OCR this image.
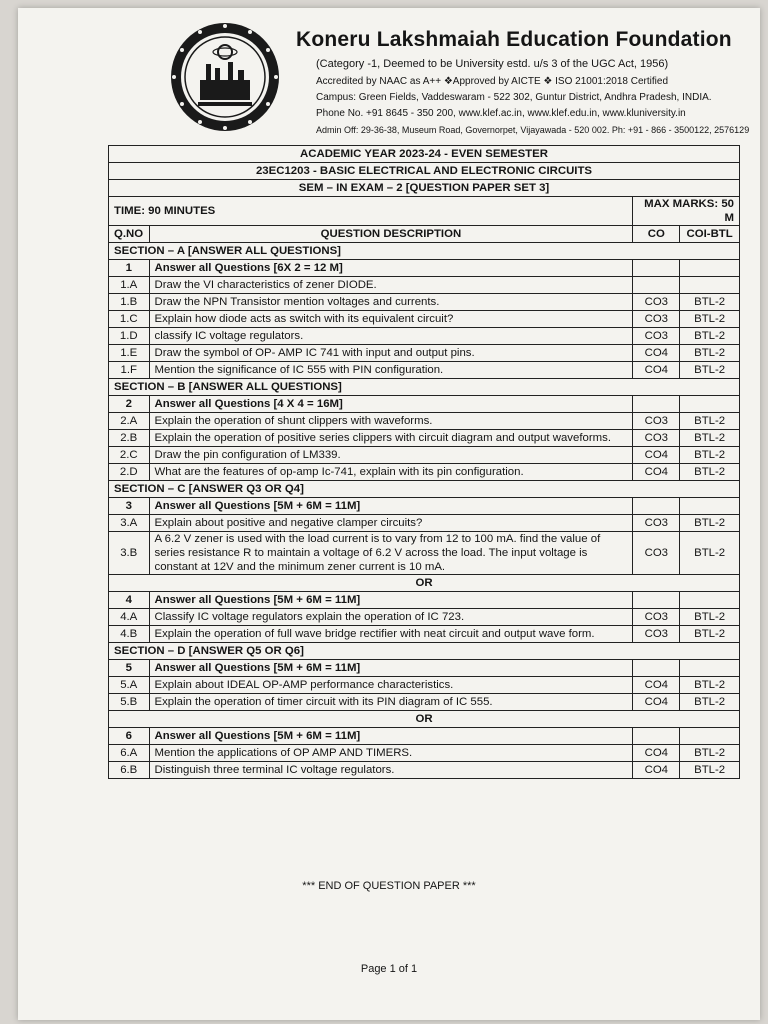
Koneru Lakshmaiah Education Foundation
(Category -1, Deemed to be University estd. u/s 3 of the UGC Act, 1956)
Accredited by NAAC as A++ ❖Approved by AICTE ❖ ISO 21001:2018 Certified
Campus: Green Fields, Vaddeswaram - 522 302, Guntur District, Andhra Pradesh, INDIA.
Phone No. +91 8645 - 350 200, www.klef.ac.in, www.klef.edu.in, www.kluniversity.in
Admin Off: 29-36-38, Museum Road, Governorpet, Vijayawada - 520 002. Ph: +91 - 866 - 3500122, 2576129
ACADEMIC YEAR 2023-24 - EVEN SEMESTER			
23EC1203 - BASIC ELECTRICAL AND ELECTRONIC CIRCUITS			
SEM – IN EXAM – 2 [QUESTION PAPER SET 3]			
TIME: 90 MINUTES		MAX MARKS: 50 M	
Q.NO	QUESTION DESCRIPTION	CO	COI-BTL
SECTION – A [ANSWER ALL QUESTIONS]			
1	Answer all Questions [6X 2 = 12 M]		
1.A	Draw the VI characteristics of zener DIODE.		
1.B	Draw the NPN Transistor mention voltages and currents.	CO3	BTL-2
1.C	Explain how diode acts as switch with its equivalent circuit?	CO3	BTL-2
1.D	classify IC voltage regulators.	CO3	BTL-2
1.E	Draw the symbol of OP- AMP IC 741 with input and output pins.	CO4	BTL-2
1.F	Mention the significance of IC 555 with PIN configuration.	CO4	BTL-2
SECTION – B [ANSWER ALL QUESTIONS]			
2	Answer all Questions [4 X 4 = 16M]		
2.A	Explain the operation of shunt clippers with waveforms.	CO3	BTL-2
2.B	Explain the operation of positive series clippers with circuit diagram and output waveforms.	CO3	BTL-2
2.C	Draw the pin configuration of LM339.	CO4	BTL-2
2.D	What are the features of op-amp Ic-741, explain with its pin configuration.	CO4	BTL-2
SECTION – C [ANSWER Q3 OR Q4]			
3	Answer all Questions [5M + 6M = 11M]		
3.A	Explain about positive and negative clamper circuits?	CO3	BTL-2
3.B	A 6.2 V zener is used with the load current is to vary from 12 to 100 mA. find the value of series resistance R to maintain a voltage of 6.2 V across the load. The input voltage is constant at 12V and the minimum zener current is 10 mA.	CO3	BTL-2
OR			
4	Answer all Questions [5M + 6M = 11M]		
4.A	Classify IC voltage regulators explain the operation of IC 723.	CO3	BTL-2
4.B	Explain the operation of full wave bridge rectifier with neat circuit and output wave form.	CO3	BTL-2
SECTION – D [ANSWER Q5 OR Q6]			
5	Answer all Questions [5M + 6M = 11M]		
5.A	Explain about IDEAL OP-AMP performance characteristics.	CO4	BTL-2
5.B	Explain the operation of timer circuit with its PIN diagram of IC 555.	CO4	BTL-2
OR			
6	Answer all Questions [5M + 6M = 11M]		
6.A	Mention the applications of OP AMP AND TIMERS.	CO4	BTL-2
6.B	Distinguish three terminal IC voltage regulators.	CO4	BTL-2
*** END OF QUESTION PAPER ***
Page 1 of 1
